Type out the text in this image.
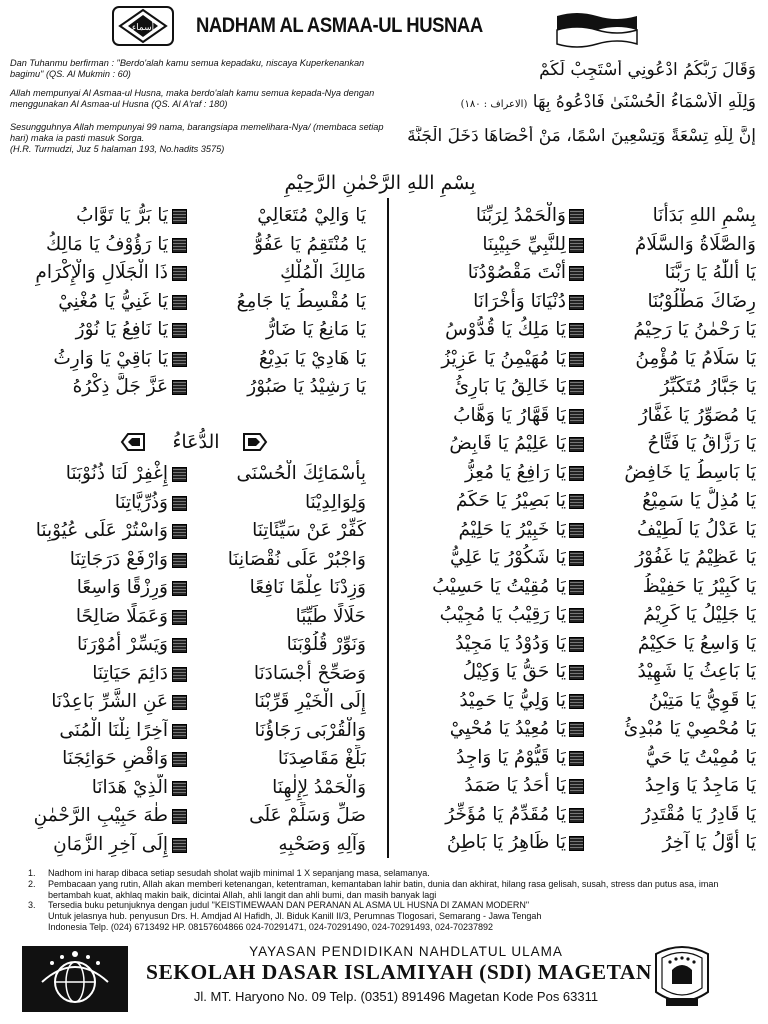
أسماء NADHAM AL ASMAA-UL HUSNAA
Dan Tuhanmu berfirman : "Berdo'alah kamu semua kepadaku, niscaya Kuperkenankan bagimu" (QS. Al Mukmin : 60)
Allah mempunyai Al Asmaa-ul Husna, maka berdo'alah kamu semua kepada-Nya dengan menggunakan Al Asmaa-ul Husna (QS. Al A'raf : 180)
Sesungguhnya Allah mempunyai 99 nama, barangsiapa memelihara-Nya/ (membaca setiap hari) maka ia pasti masuk Sorga.
(H.R. Turmudzi, Juz 5 halaman 193, No.hadits 3575)
وَقَالَ رَبُّكُمُ ادْعُونِي أَسْتَجِبْ لَكُمْ
وَلِلَّهِ الْأَسْمَاءُ الْحُسْنَىٰ فَادْعُوهُ بِهَا (الاعراف : ١٨٠)
إِنَّ لِلَّهِ تِسْعَةً وَتِسْعِينَ اسْمًا، مَنْ أَحْصَاهَا دَخَلَ الْجَنَّةَ
بِسْمِ اللهِ الرَّحْمٰنِ الرَّحِيْمِ
الدُّعَاءُ
بِسْمِ اللهِ بَدَأْنَا
وَالْحَمْدُ لِرَبِّنَا
وَالصَّلَاةُ وَالسَّلَامُ
لِلنَّبِيِّ حَبِيْبِنَا
يَا أَللّٰهُ يَا رَبَّنَا
أَنْتَ مَقْصُوْدُنَا
رِضَاكَ مَطْلُوْبُنَا
دُنْيَانَا وَأُخْرَانَا
يَا رَحْمٰنُ يَا رَحِيْمُ
يَا مَلِكُ يَا قُدُّوْسُ
يَا سَلَامُ يَا مُؤْمِنُ
يَا مُهَيْمِنُ يَا عَزِيْزُ
يَا جَبَّارُ مُتَكَبِّرُ
يَا خَالِقُ يَا بَارِئُ
يَا مُصَوِّرُ يَا غَفَّارُ
يَا قَهَّارُ يَا وَهَّابُ
يَا رَزَّاقُ يَا فَتَّاحُ
يَا عَلِيْمُ يَا قَابِضُ
يَا بَاسِطُ يَا خَافِضُ
يَا رَافِعُ يَا مُعِزُّ
يَا مُذِلُّ يَا سَمِيْعُ
يَا بَصِيْرُ يَا حَكَمُ
يَا عَدْلُ يَا لَطِيْفُ
يَا خَبِيْرُ يَا حَلِيْمُ
يَا عَظِيْمُ يَا غَفُوْرُ
يَا شَكُوْرُ يَا عَلِيُّ
يَا كَبِيْرُ يَا حَفِيْظُ
يَا مُقِيْتُ يَا حَسِيْبُ
يَا جَلِيْلُ يَا كَرِيْمُ
يَا رَقِيْبُ يَا مُجِيْبُ
يَا وَاسِعُ يَا حَكِيْمُ
يَا وَدُوْدُ يَا مَجِيْدُ
يَا بَاعِثُ يَا شَهِيْدُ
يَا حَقُّ يَا وَكِيْلُ
يَا قَوِيُّ يَا مَتِيْنُ
يَا وَلِيُّ يَا حَمِيْدُ
يَا مُحْصِيْ يَا مُبْدِئُ
يَا مُعِيْدُ يَا مُحْيِيْ
يَا مُمِيْتُ يَا حَيُّ
يَا قَيُّوْمُ يَا وَاجِدُ
يَا مَاجِدُ يَا وَاحِدُ
يَا أَحَدُ يَا صَمَدُ
يَا قَادِرُ يَا مُقْتَدِرُ
يَا مُقَدِّمُ يَا مُؤَخِّرُ
يَا أَوَّلُ يَا آخِرُ
يَا ظَاهِرُ يَا بَاطِنُ
يَا وَالِيْ مُتَعَالِيْ
يَا بَرُّ يَا تَوَّابُ
يَا مُنْتَقِمُ يَا عَفُوُّ
يَا رَؤُوْفُ يَا مَالِكُ
مَالِكَ الْمُلْكِ
ذَا الْجَلَالِ وَالْإِكْرَامِ
يَا مُقْسِطُ يَا جَامِعُ
يَا غَنِيُّ يَا مُغْنِيْ
يَا مَانِعُ يَا ضَارُّ
يَا نَافِعُ يَا نُوْرُ
يَا هَادِيْ يَا بَدِيْعُ
يَا بَاقِيْ يَا وَارِثُ
يَا رَشِيْدُ يَا صَبُوْرُ
عَزَّ جَلَّ ذِكْرُهُ
بِأَسْمَائِكَ الْحُسْنَى
إِغْفِرْ لَنَا ذُنُوْبَنَا
وَلِوَالِدِيْنَا
وَذُرِّيَّاتِنَا
كَفِّرْ عَنْ سَيِّئَاتِنَا
وَاسْتُرْ عَلَى عُيُوْبِنَا
وَاجْبُرْ عَلَى نُقْصَانِنَا
وَارْفَعْ دَرَجَاتِنَا
وَزِدْنَا عِلْمًا نَافِعًا
وَرِزْقًا وَاسِعًا
حَلَالًا طَيِّبًا
وَعَمَلًا صَالِحًا
وَنَوِّرْ قُلُوْبَنَا
وَيَسِّرْ أُمُوْرَنَا
وَصَحِّحْ أَجْسَادَنَا
دَائِمَ حَيَاتِنَا
إِلَى الْخَيْرِ قَرِّبْنَا
عَنِ الشَّرِّ بَاعِدْنَا
وَالْقُرْبَى رَجَاؤُنَا
آخِرًا نِلْنَا الْمُنَى
بَلِّغْ مَقَاصِدَنَا
وَاقْضِ حَوَائِجَنَا
وَالْحَمْدُ لِإِلٰهِنَا
الَّذِيْ هَدَانَا
صَلِّ وَسَلِّمْ عَلَى
طٰهَ حَبِيْبِ الرَّحْمٰنِ
وَآلِهِ وَصَحْبِهِ
إِلَى آخِرِ الزَّمَانِ
1.	Nadhom ini harap dibaca setiap sesudah sholat wajib minimal 1 X sepanjang masa, selamanya.
2.	Pembacaan yang rutin, Allah akan memberi ketenangan, ketentraman, kemantaban lahir batin, dunia dan akhirat, hilang rasa gelisah, susah, stress dan putus asa, iman bertambah kuat, akhlaq makin baik, dicintai Allah, ahli langit dan ahli bumi, dan masih banyak lagi
3.	Tersedia buku petunjuknya dengan judul "KEISTIMEWAAN DAN PERANAN AL ASMA UL HUSNA DI ZAMAN MODERN"
Untuk jelasnya hub. penyusun Drs. H. Amdjad Al Hafidh, Jl. Biduk Kanill II/3, Perumnas Tlogosari, Semarang - Jawa Tengah
Indonesia Telp. (024) 6713492 HP. 08157604866 024-70291471, 024-70291490, 024-70291493, 024-70237892
YAYASAN PENDIDIKAN NAHDLATUL ULAMA
SEKOLAH DASAR ISLAMIYAH (SDI) MAGETAN
Jl. MT. Haryono No. 09 Telp. (0351) 891496 Magetan Kode Pos 63311
